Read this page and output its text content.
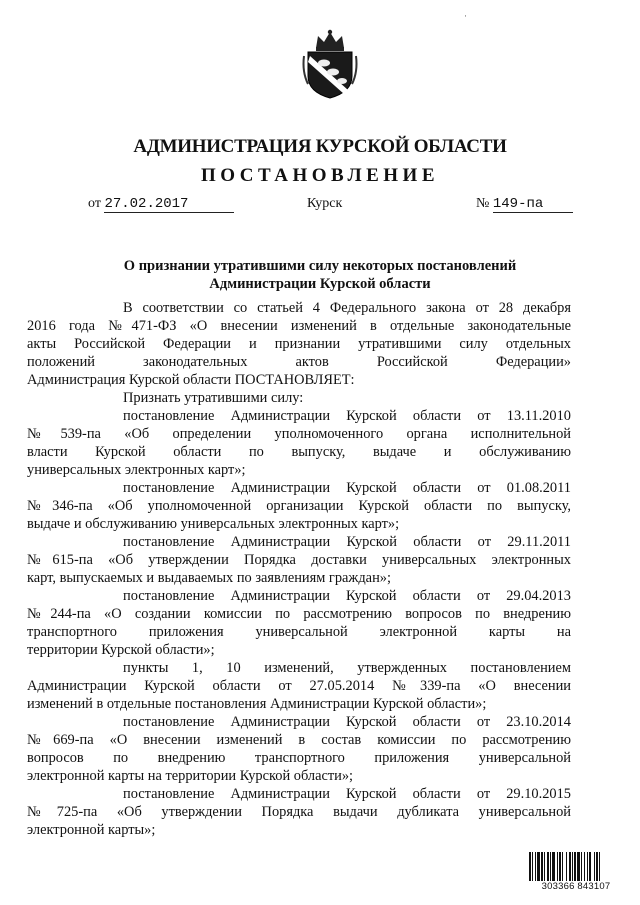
·
АДМИНИСТРАЦИЯ КУРСКОЙ ОБЛАСТИ
ПОСТАНОВЛЕНИЕ
от 27.02.2017	Курск	№ 149-па
О признании утратившими силу некоторых постановлений
Администрации Курской области

В соответствии со статьей 4 Федерального закона от 28 декабря
2016 года №471-ФЗ «О внесении изменений в отдельные законодательные
акты Российской Федерации и признании утратившими силу отдельных
положений законодательных актов Российской Федерации»
Администрация Курской области ПОСТАНОВЛЯЕТ:

Признать утратившими силу:

постановление Администрации Курской области от 13.11.2010
№539-па «Об определении уполномоченного органа исполнительной
власти Курской области по выпуску, выдаче и обслуживанию
универсальных электронных карт»;

постановление Администрации Курской области от 01.08.2011
№346-па «Об уполномоченной организации Курской области по выпуску,
выдаче и обслуживанию универсальных электронных карт»;

постановление Администрации Курской области от 29.11.2011
№615-па «Об утверждении Порядка доставки универсальных электронных
карт, выпускаемых и выдаваемых по заявлениям граждан»;

постановление Администрации Курской области от 29.04.2013
№244-па «О создании комиссии по рассмотрению вопросов по внедрению
транспортного приложения универсальной электронной карты на
территории Курской области»;

пункты 1, 10 изменений, утвержденных постановлением
Администрации Курской области от 27.05.2014 №339-па «О внесении
изменений в отдельные постановления Администрации Курской области»;

постановление Администрации Курской области от 23.10.2014
№669-па «О внесении изменений в состав комиссии по рассмотрению
вопросов по внедрению транспортного приложения универсальной
электронной карты на территории Курской области»;

постановление Администрации Курской области от 29.10.2015
№725-па «Об утверждении Порядка выдачи дубликата универсальной
электронной карты»;

303366 843107
